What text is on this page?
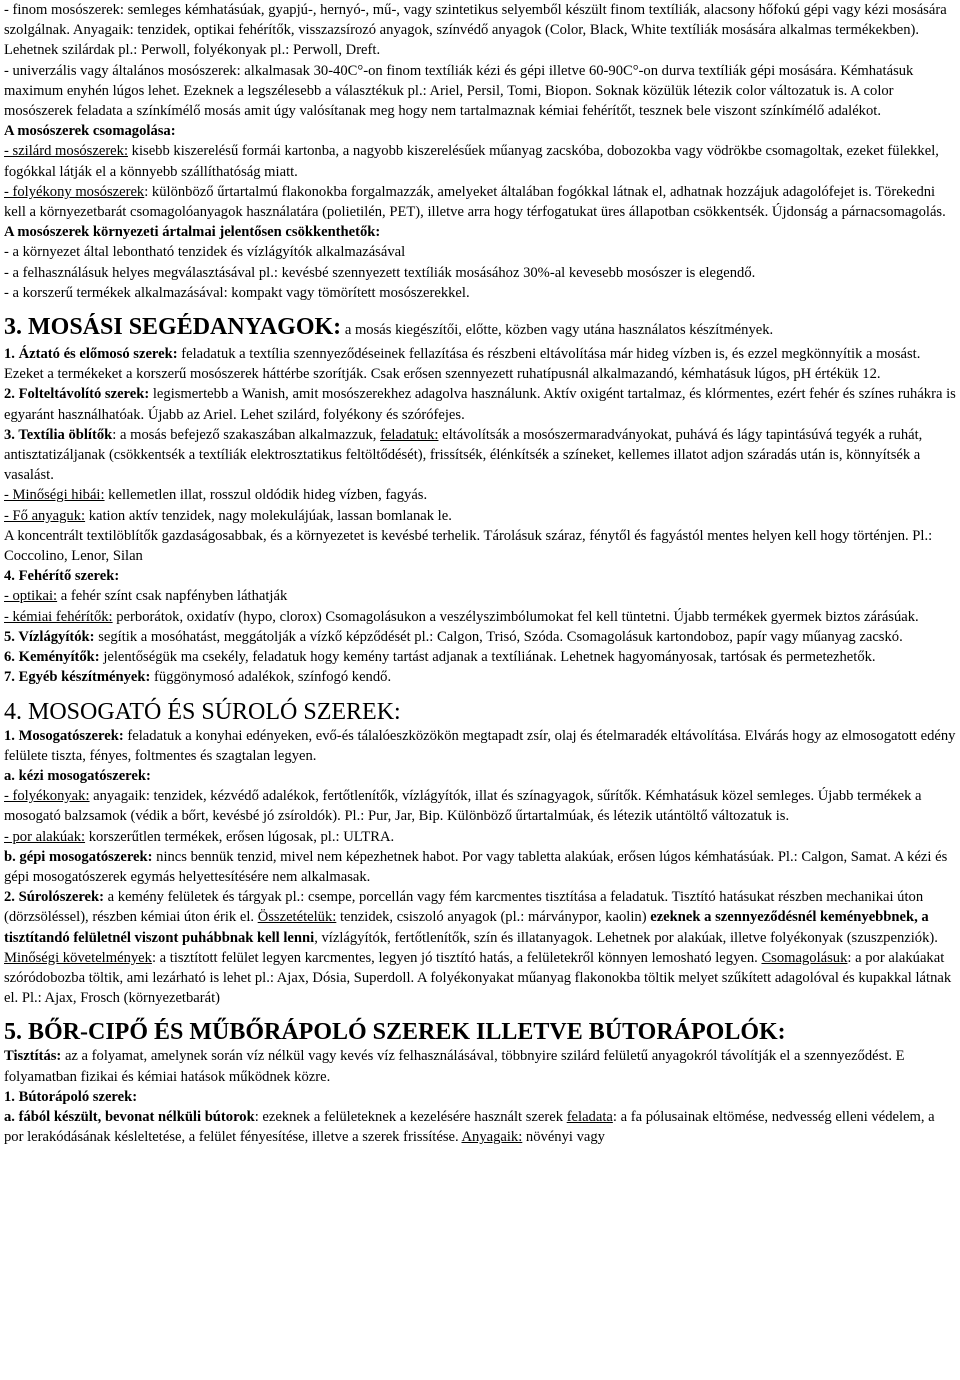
- finom mosószerek: semleges kémhatásúak, gyapjú-, hernyó-, mű-, vagy szintetikus selyemből készült finom textíliák, alacsony hőfokú gépi vagy kézi mosására szolgálnak. Anyagaik: tenzidek, optikai fehérítők, visszazsírozó anyagok, színvédő anyagok (Color, Black, White textíliák mosására alkalmas termékekben). Lehetnek szilárdak pl.: Perwoll, folyékonyak pl.: Perwoll, Dreft.

- univerzális vagy általános mosószerek: alkalmasak 30-40C°-on finom textíliák kézi és gépi illetve 60-90C°-on durva textíliák gépi mosására. Kémhatásuk maximum enyhén lúgos lehet. Ezeknek a legszélesebb a választékuk pl.: Ariel, Persil, Tomi, Biopon. Soknak közülük létezik color változatuk is. A color mosószerek feladata a színkímélő mosás amit úgy valósítanak meg hogy nem tartalmaznak kémiai fehérítőt, tesznek bele viszont színkímélő adalékot.

A mosószerek csomagolása:

- szilárd mosószerek: kisebb kiszerelésű formái kartonba, a nagyobb kiszerelésűek műanyag zacskóba, dobozokba vagy vödrökbe csomagoltak, ezeket fülekkel, fogókkal látják el a könnyebb szállíthatóság miatt.

- folyékony mosószerek: különböző űrtartalmú flakonokba forgalmazzák, amelyeket általában fogókkal látnak el, adhatnak hozzájuk adagolófejet is. Törekedni kell a környezetbarát csomagolóanyagok használatára (polietilén, PET), illetve arra hogy térfogatukat üres állapotban csökkentsék. Újdonság a párnacsomagolás.

A mosószerek környezeti ártalmai jelentősen csökkenthetők:

- a környezet által lebontható tenzidek és vízlágyítók alkalmazásával

- a felhasználásuk helyes megválasztásával pl.: kevésbé szennyezett textíliák mosásához 30%-al kevesebb mosószer is elegendő.

- a korszerű termékek alkalmazásával: kompakt vagy tömörített mosószerekkel.

3. MOSÁSI SEGÉDANYAGOK: a mosás kiegészítői, előtte, közben vagy utána használatos készítmények.

1. Áztató és előmosó szerek: feladatuk a textília szennyeződéseinek fellazítása és részbeni eltávolítása már hideg vízben is, és ezzel megkönnyítik a mosást. Ezeket a termékeket a korszerű mosószerek háttérbe szorítják. Csak erősen szennyezett ruhatípusnál alkalmazandó, kémhatásuk lúgos, pH értékük 12.

2. Folteltávolító szerek: legismertebb a Wanish, amit mosószerekhez adagolva használunk. Aktív oxigént tartalmaz, és klórmentes, ezért fehér és színes ruhákra is egyaránt használhatóak. Újabb az Ariel. Lehet szilárd, folyékony és szórófejes.

3. Textília öblítők: a mosás befejező szakaszában alkalmazzuk, feladatuk: eltávolítsák a mosószermaradványokat, puhává és lágy tapintásúvá tegyék a ruhát, antisztatizáljanak (csökkentsék a textíliák elektrosztatikus feltöltődését), frissítsék, élénkítsék a színeket, kellemes illatot adjon száradás után is, könnyítsék a vasalást.

- Minőségi hibái: kellemetlen illat, rosszul oldódik hideg vízben, fagyás.

- Fő anyaguk: kation aktív tenzidek, nagy molekulájúak, lassan bomlanak le.

A koncentrált textilöblítők gazdaságosabbak, és a környezetet is kevésbé terhelik. Tárolásuk száraz, fénytől és fagyástól mentes helyen kell hogy történjen. Pl.: Coccolino, Lenor, Silan

4. Fehérítő szerek:

- optikai: a fehér színt csak napfényben láthatják

- kémiai fehérítők: perborátok, oxidatív (hypo, clorox) Csomagolásukon a veszélyszimbólumokat fel kell tüntetni. Újabb termékek gyermek biztos zárásúak.

5. Vízlágyítók: segítik a mosóhatást, meggátolják a vízkő képződését pl.: Calgon, Trisó, Szóda. Csomagolásuk kartondoboz, papír vagy műanyag zacskó.

6. Keményítők: jelentőségük ma csekély, feladatuk hogy kemény tartást adjanak a textíliának. Lehetnek hagyományosak, tartósak és permetezhetők.

7. Egyéb készítmények: függönymosó adalékok, színfogó kendő.

4. MOSOGATÓ ÉS SÚROLÓ SZEREK:

1. Mosogatószerek: feladatuk a konyhai edényeken, evő-és tálalóeszközökön megtapadt zsír, olaj és ételmaradék eltávolítása. Elvárás hogy az elmosogatott edény felülete tiszta, fényes, foltmentes és szagtalan legyen.

a. kézi mosogatószerek:

- folyékonyak: anyagaik: tenzidek, kézvédő adalékok, fertőtlenítők, vízlágyítók, illat és színagyagok, sűrítők. Kémhatásuk közel semleges. Újabb termékek a mosogató balzsamok (védik a bőrt, kevésbé jó zsíroldók). Pl.: Pur, Jar, Bip. Különböző űrtartalmúak, és létezik utántöltő változatuk is.

- por alakúak: korszerűtlen termékek, erősen lúgosak, pl.: ULTRA.

b. gépi mosogatószerek: nincs bennük tenzid, mivel nem képezhetnek habot. Por vagy tabletta alakúak, erősen lúgos kémhatásúak. Pl.: Calgon, Samat. A kézi és gépi mosogatószerek egymás helyettesítésére nem alkalmasak.

2. Súrolószerek: a kemény felületek és tárgyak pl.: csempe, porcellán vagy fém karcmentes tisztítása a feladatuk. Tisztító hatásukat részben mechanikai úton (dörzsöléssel), részben kémiai úton érik el. Összetételük: tenzidek, csiszoló anyagok (pl.: márványpor, kaolin) ezeknek a szennyeződésnél keményebbnek, a tisztítandó felületnél viszont puhábbnak kell lenni, vízlágyítók, fertőtlenítők, szín és illatanyagok. Lehetnek por alakúak, illetve folyékonyak (szuszpenziók). Minőségi követelmények: a tisztított felület legyen karcmentes, legyen jó tisztító hatás, a felületekről könnyen lemosható legyen. Csomagolásuk: a por alakúakat szóródobozba töltik, ami lezárható is lehet pl.: Ajax, Dósia, Superdoll. A folyékonyakat műanyag flakonokba töltik melyet szűkített adagolóval és kupakkal látnak el. Pl.: Ajax, Frosch (környezetbarát)

5. BŐR-CIPŐ ÉS MŰBŐRÁPOLÓ SZEREK ILLETVE BÚTORÁPOLÓK:

Tisztítás: az a folyamat, amelynek során víz nélkül vagy kevés víz felhasználásával, többnyire szilárd felületű anyagokról távolítják el a szennyeződést. E folyamatban fizikai és kémiai hatások működnek közre.

1. Bútorápoló szerek:

a. fából készült, bevonat nélküli bútorok: ezeknek a felületeknek a kezelésére használt szerek feladata: a fa pólusainak eltömése, nedvesség elleni védelem, a por lerakódásának késleltetése, a felület fényesítése, illetve a szerek frissítése. Anyagaik: növényi vagy
